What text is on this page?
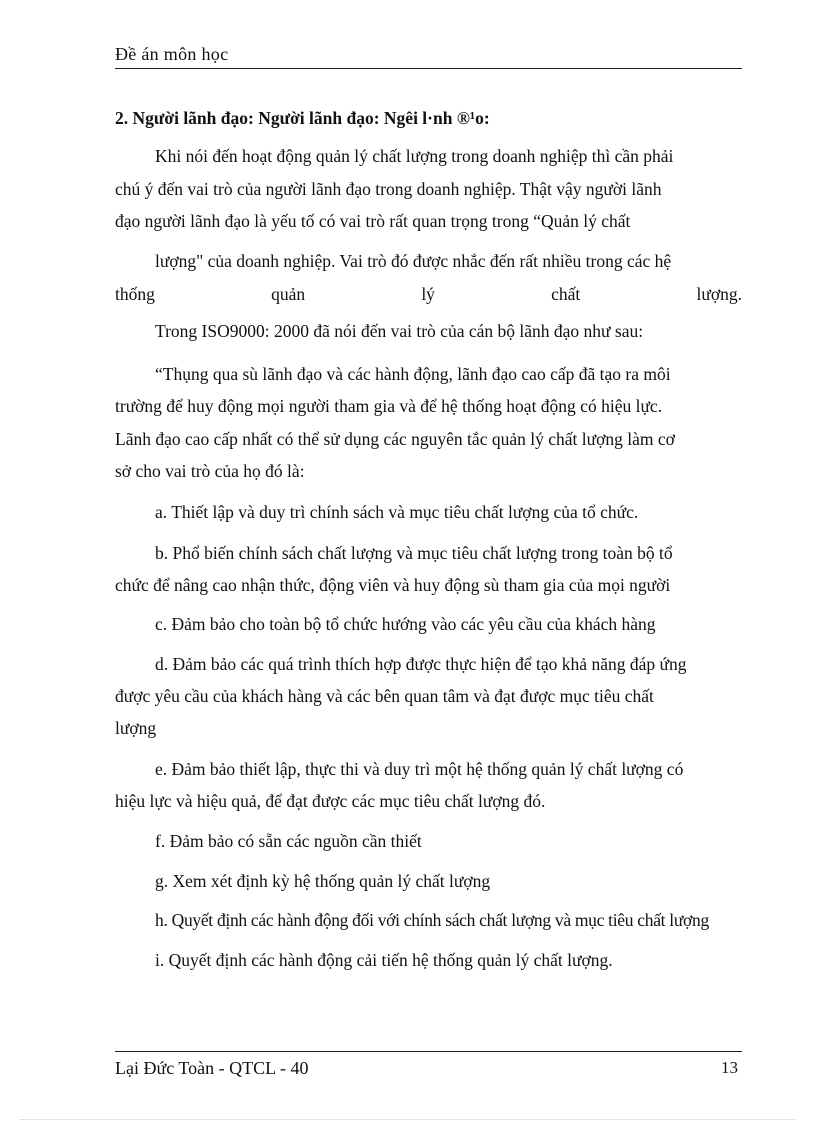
Đề án môn học
2. Người lãnh đạo: Người lãnh đạo: Ngêi l·nh ®¹o:
Khi nói đến hoạt động quản lý chất lượng trong doanh nghiệp thì cần phải
chú ý đến vai trò của người lãnh đạo trong doanh nghiệp. Thật vậy người lãnh
đạo người lãnh đạo là yếu tố có vai trò rất quan trọng trong “Quản lý chất
lượng" của doanh nghiệp. Vai trò đó được nhắc đến rất nhiều trong các hệ
thống	quản	lý	chất	lượng.
Trong ISO9000: 2000 đã nói đến vai trò của cán bộ lãnh đạo như sau:
“Thụng qua sù lãnh đạo và các hành động, lãnh đạo cao cấp đã tạo ra môi
trường để huy động mọi người tham gia và để hệ thống hoạt động có hiệu lực.
Lãnh đạo cao cấp nhất có thể sử dụng các nguyên tắc quản lý chất lượng làm cơ
sở cho vai trò của họ đó là:
a. Thiết lập và duy trì chính sách và mục tiêu chất lượng của tổ chức.
b. Phổ biến chính sách chất lượng và mục tiêu chất lượng trong toàn bộ tổ
chức để nâng cao nhận thức, động viên và huy động sù tham gia của mọi người
c. Đảm bảo cho toàn bộ tổ chức hướng vào các yêu cầu của khách hàng
d. Đảm bảo các quá trình thích hợp được thực hiện để tạo khả năng đáp ứng
được yêu cầu của khách hàng và các bên quan tâm và đạt được mục tiêu chất
lượng
e. Đảm bảo thiết lập, thực thi và duy trì một hệ thống quản lý chất lượng có
hiệu lực và hiệu quả, để đạt được các mục tiêu chất lượng đó.
f. Đảm bảo có sẵn các nguồn cần thiết
g. Xem xét định kỳ hệ thống quản lý chất lượng
h. Quyết định các hành động đối với chính sách chất lượng và mục tiêu chất lượng
i. Quyết định các hành động cải tiến hệ thống quản lý chất lượng.
Lại Đức Toàn - QTCL - 40	13
